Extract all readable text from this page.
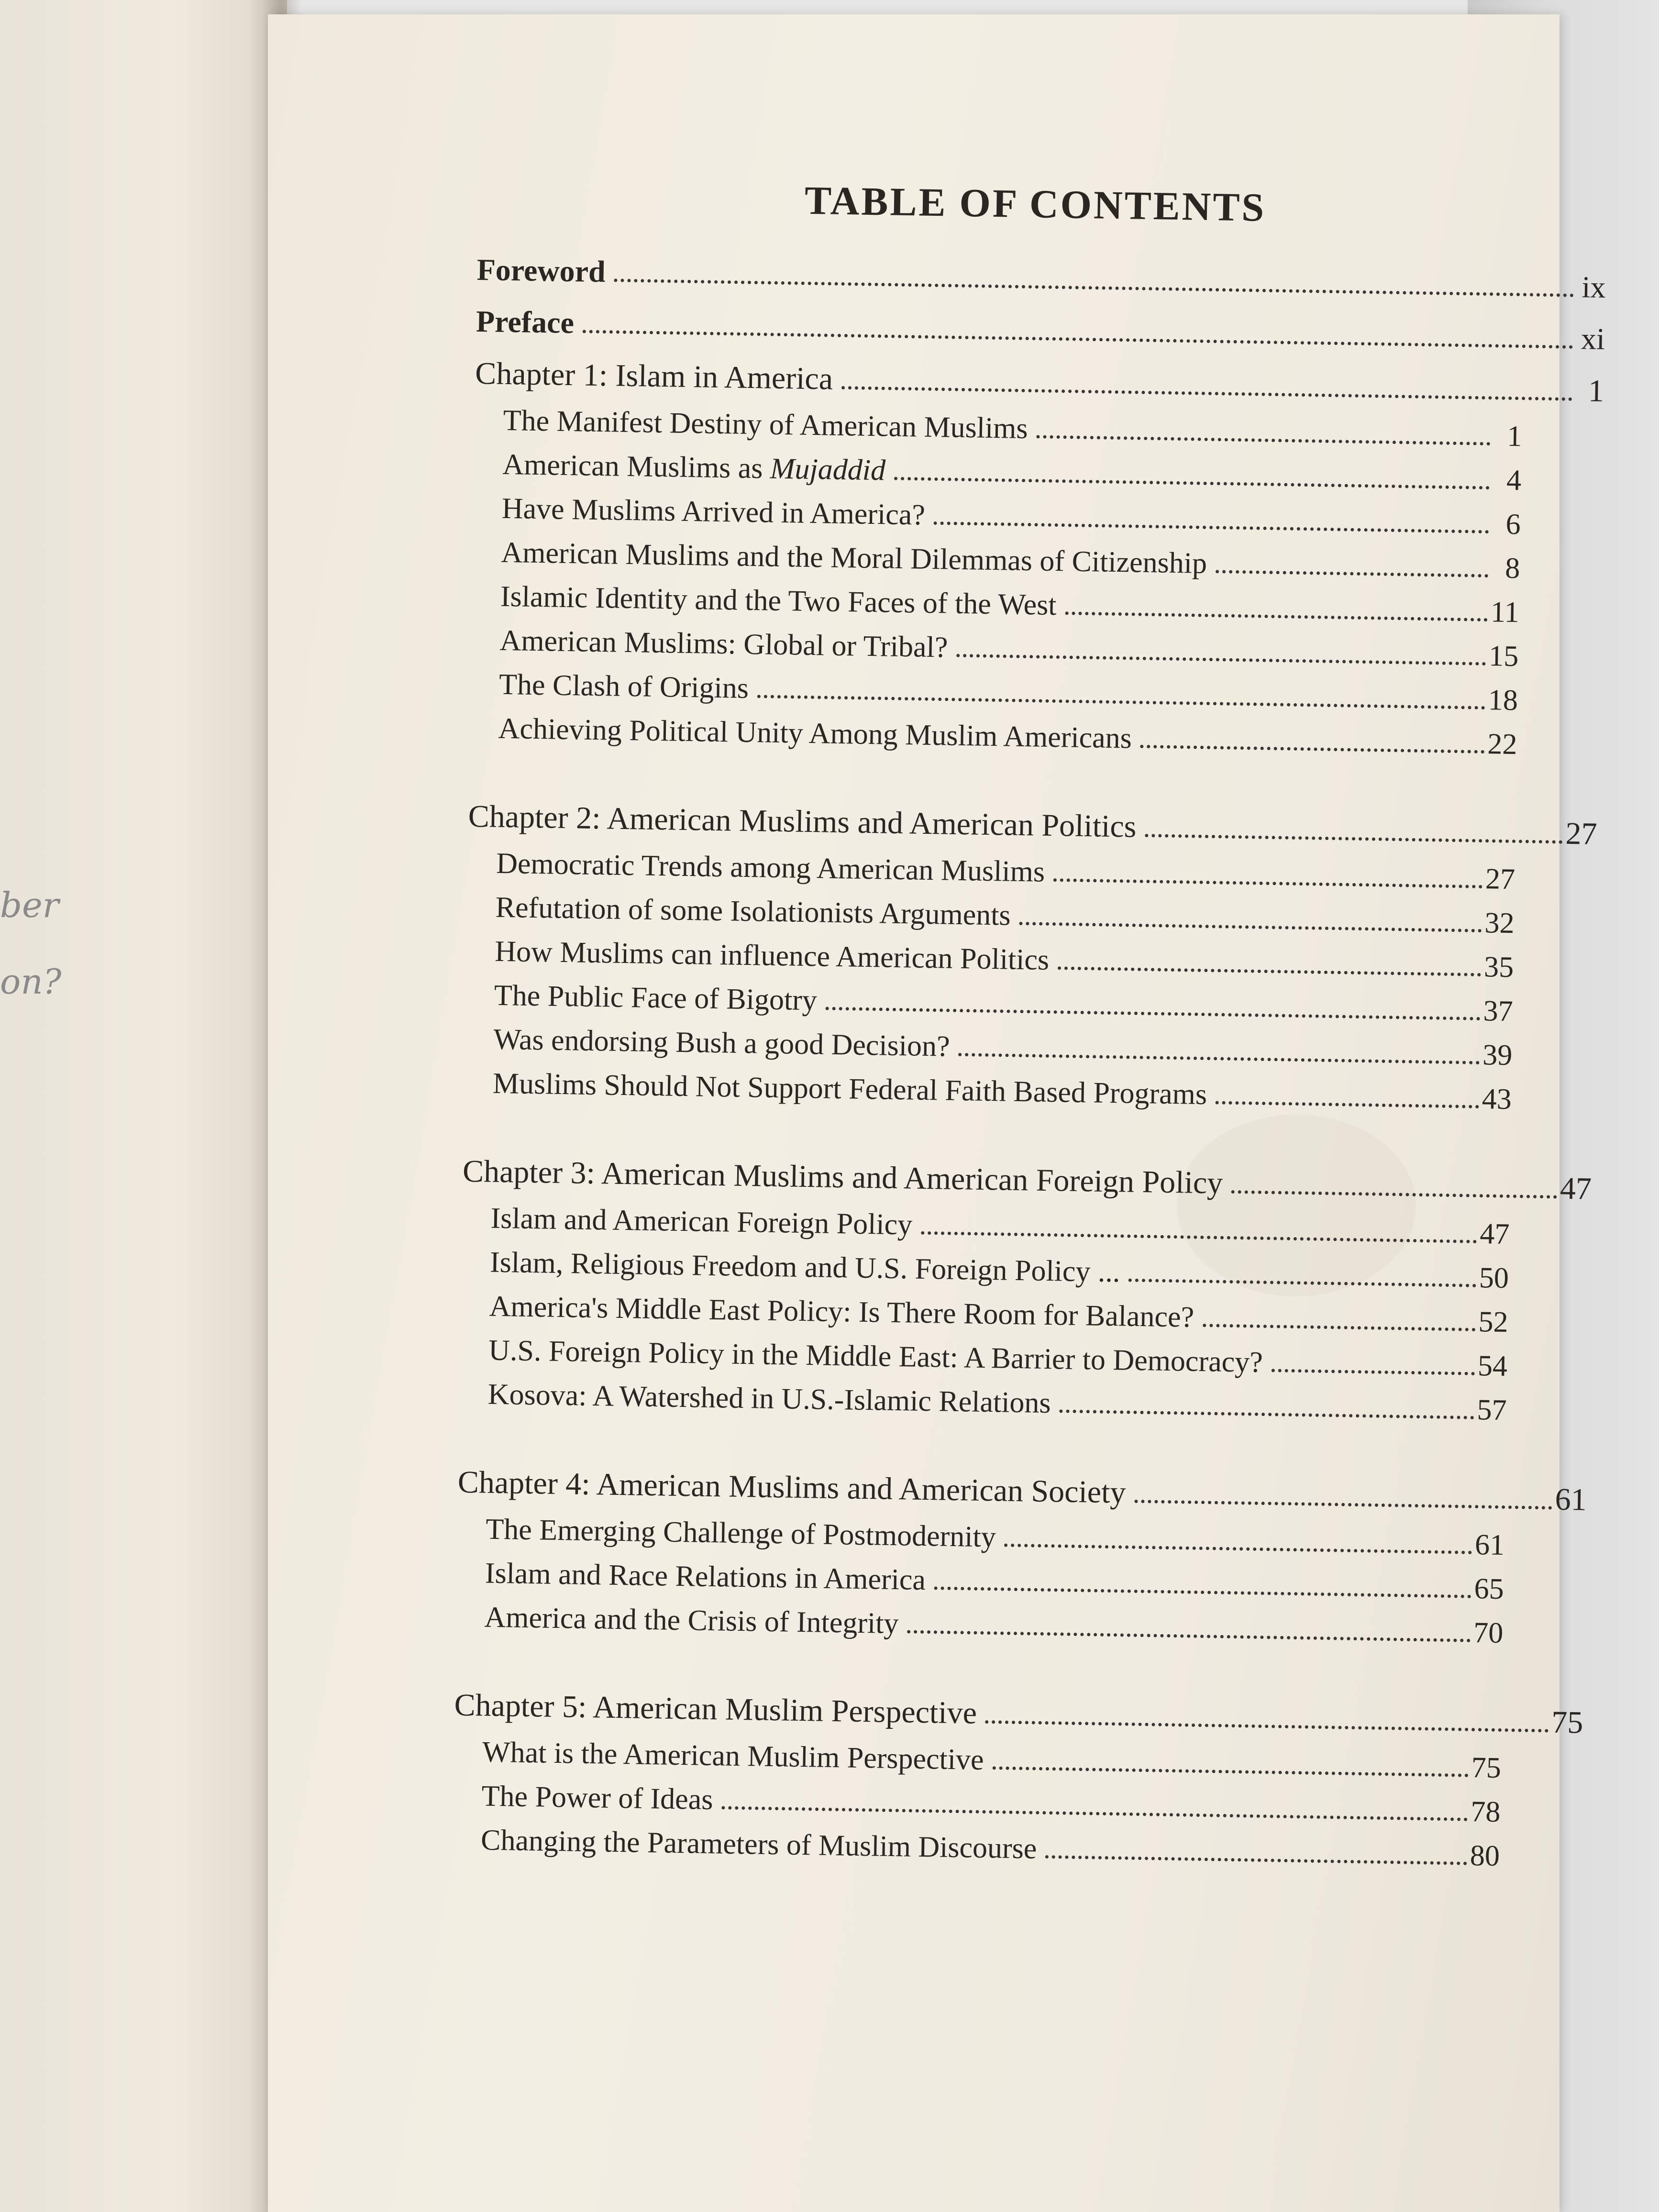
ber
on?
TABLE OF CONTENTS
Foreword	ix
Preface	xi
Chapter 1: Islam in America	1
The Manifest Destiny of American Muslims	1
American Muslims as Mujaddid	4
Have Muslims Arrived in America?	6
American Muslims and the Moral Dilemmas of Citizenship	8
Islamic Identity and the Two Faces of the West	11
American Muslims: Global or Tribal?	15
The Clash of Origins	18
Achieving Political Unity Among Muslim Americans	22
Chapter 2: American Muslims and American Politics	27
Democratic Trends among American Muslims	27
Refutation of some Isolationists Arguments	32
How Muslims can influence American Politics	35
The Public Face of Bigotry	37
Was endorsing Bush a good Decision?	39
Muslims Should Not Support Federal Faith Based Programs	43
Chapter 3: American Muslims and American Foreign Policy	47
Islam and American Foreign Policy	47
Islam, Religious Freedom and U.S. Foreign Policy ...	50
America's Middle East Policy: Is There Room for Balance?	52
U.S. Foreign Policy in the Middle East: A Barrier to Democracy?	54
Kosova: A Watershed in U.S.-Islamic Relations	57
Chapter 4: American Muslims and American Society	61
The Emerging Challenge of Postmodernity	61
Islam and Race Relations in America	65
America and the Crisis of Integrity	70
Chapter 5: American Muslim Perspective	75
What is the American Muslim Perspective	75
The Power of Ideas	78
Changing the Parameters of Muslim Discourse	80
